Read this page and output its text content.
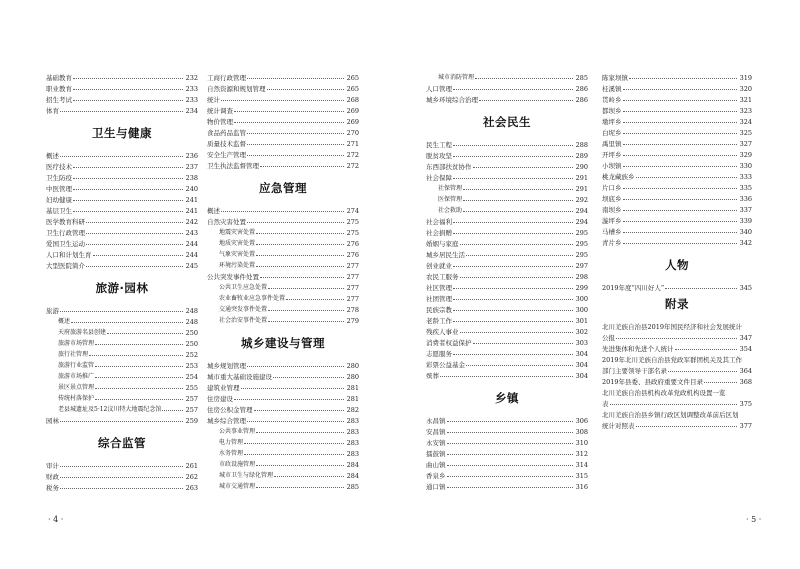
基础教育	232
职业教育	233
招生考试	233
体育	234
卫生与健康
概述	236
医疗技术	237
卫生防疫	238
中医管理	240
妇幼健康	241
基层卫生	241
医学教育科研	242
卫生行政管理	243
爱国卫生运动	244
人口和计划生育	244
大型医院简介	245
旅游·园林
旅游	248
概述	248
天府旅游名县创建	250
旅游市场管理	250
旅行社管理	252
旅游行业监管	253
旅游市场推广	254
景区景点管理	255
传统村落保护	257
老县城遗址及5·12汶川特大地震纪念馆	257
园林	259
综合监管
审计	261
财政	262
税务	263
工商行政管理	265
自然资源和规划管理	265
统计	268
统计调查	269
物价管理	269
食品药品监管	270
质量技术监督	271
安全生产管理	272
卫生执法监督管理	272
应急管理
概述	274
自然灾害处置	275
地震灾害处置	275
地质灾害处置	276
气象灾害处置	276
环境污染处置	277
公共突发事件处置	277
公共卫生应急处置	277
农业畜牧业应急事件处置	277
交通突发事件处置	278
社会治安事件处置	279
城乡建设与管理
城乡规划管理	280
城市重大基础设施建设	280
建筑业管理	281
住房建设	281
住房公积金管理	282
城乡综合管理	283
公共事业管理	283
电力管理	283
水务管理	283
市政设施管理	284
城市卫生与绿化管理	284
城市交通管理	285
· 4 ·
城市消防管理	285
人口管理	286
城乡环境综合治理	286
社会民生
民生工程	288
脱贫攻坚	289
东西部扶贫协作	290
社会保障	291
社保管理	291
医保管理	292
社会救助	294
社会福利	294
社会捐赠	295
婚姻与家庭	295
城乡居民生活	295
创业就业	297
农民工服务	298
社区管理	299
社团管理	300
民族宗教	300
老龄工作	301
残疾人事业	302
消费者权益保护	303
志愿服务	304
彩票公益基金	304
殡葬	304
乡镇
永昌镇	306
安昌镇	308
永安镇	310
擂鼓镇	312
曲山镇	314
香泉乡	315
通口镇	316
陈家坝镇	319
桂溪镇	320
贯岭乡	321
都坝乡	323
墩坪乡	324
白坭乡	325
禹里镇	327
开坪乡	329
小坝镇	330
桃龙藏族乡	333
片口乡	335
坝底乡	336
南坝乡	337
漩坪乡	339
马槽乡	340
青片乡	342
人物
2019年度“四川好人”	345
附录
北川羌族自治县2019年国民经济和社会发展统计
公报	347
先进集体和先进个人统计	354
2019年北川羌族自治县党政军群团机关及其工作
部门主要领导干部名录	364
2019年县委、县政府重要文件目录	368
北川羌族自治县机构改革党政机构设置一览
表	375
北川羌族自治县乡镇行政区划调整改革前后区划
统计对照表	377
· 5 ·
